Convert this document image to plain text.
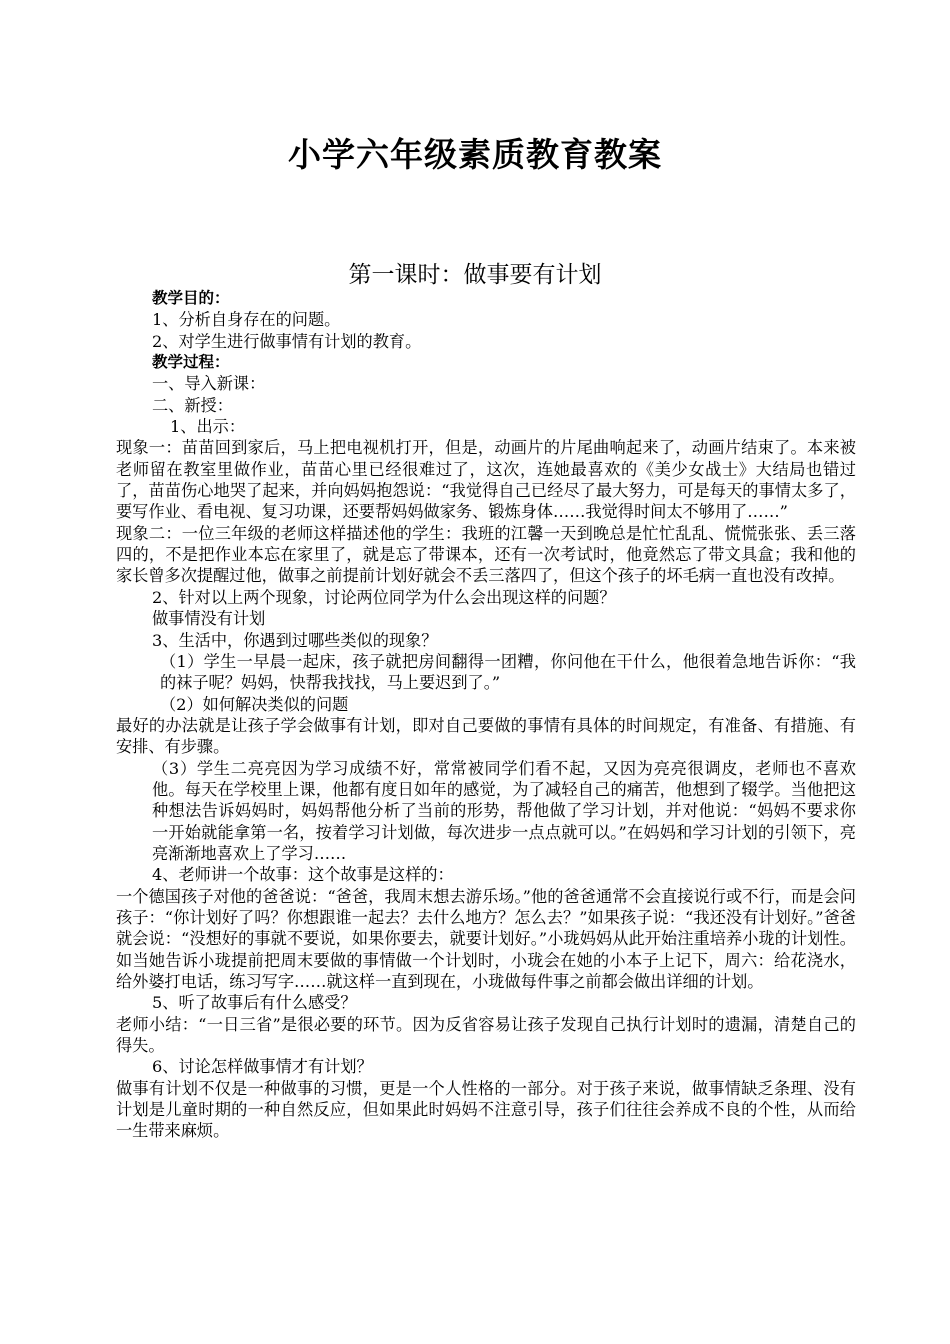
小学六年级素质教育教案
第一课时：做事要有计划

教学目的：

1、分析自身存在的问题。

2、对学生进行做事情有计划的教育。

教学过程：

一、导入新课：

二、新授：

1、出示：

现象一：苗苗回到家后，马上把电视机打开，但是，动画片的片尾曲响起来了，动画片结束了。本来被老师留在教室里做作业，苗苗心里已经很难过了，这次，连她最喜欢的《美少女战士》大结局也错过了，苗苗伤心地哭了起来，并向妈妈抱怨说：“我觉得自己已经尽了最大努力，可是每天的事情太多了，要写作业、看电视、复习功课，还要帮妈妈做家务、锻炼身体……我觉得时间太不够用了……”

现象二：一位三年级的老师这样描述他的学生：我班的江馨一天到晚总是忙忙乱乱、慌慌张张、丢三落四的，不是把作业本忘在家里了，就是忘了带课本，还有一次考试时，他竟然忘了带文具盒；我和他的家长曾多次提醒过他，做事之前提前计划好就会不丢三落四了，但这个孩子的坏毛病一直也没有改掉。

2、针对以上两个现象，讨论两位同学为什么会出现这样的问题？

做事情没有计划

3、生活中，你遇到过哪些类似的现象？

（1）学生一早晨一起床，孩子就把房间翻得一团糟，你问他在干什么，他很着急地告诉你：“我的袜子呢？妈妈，快帮我找找，马上要迟到了。”

（2）如何解决类似的问题

最好的办法就是让孩子学会做事有计划，即对自己要做的事情有具体的时间规定，有准备、有措施、有安排、有步骤。

（3）学生二亮亮因为学习成绩不好，常常被同学们看不起，又因为亮亮很调皮，老师也不喜欢他。每天在学校里上课，他都有度日如年的感觉，为了减轻自己的痛苦，他想到了辍学。当他把这种想法告诉妈妈时，妈妈帮他分析了当前的形势，帮他做了学习计划，并对他说：“妈妈不要求你一开始就能拿第一名，按着学习计划做，每次进步一点点就可以。”在妈妈和学习计划的引领下，亮亮渐渐地喜欢上了学习……

4、老师讲一个故事：这个故事是这样的：

一个德国孩子对他的爸爸说：“爸爸，我周末想去游乐场。”他的爸爸通常不会直接说行或不行，而是会问孩子：“你计划好了吗？你想跟谁一起去？去什么地方？怎么去？”如果孩子说：“我还没有计划好。”爸爸就会说：“没想好的事就不要说，如果你要去，就要计划好。”小珑妈妈从此开始注重培养小珑的计划性。如当她告诉小珑提前把周末要做的事情做一个计划时，小珑会在她的小本子上记下，周六：给花浇水，给外婆打电话，练习写字……就这样一直到现在，小珑做每件事之前都会做出详细的计划。

5、听了故事后有什么感受？

老师小结：“一日三省”是很必要的环节。因为反省容易让孩子发现自己执行计划时的遗漏，清楚自己的得失。

6、讨论怎样做事情才有计划？

做事有计划不仅是一种做事的习惯，更是一个人性格的一部分。对于孩子来说，做事情缺乏条理、没有计划是儿童时期的一种自然反应，但如果此时妈妈不注意引导，孩子们往往会养成不良的个性，从而给一生带来麻烦。
